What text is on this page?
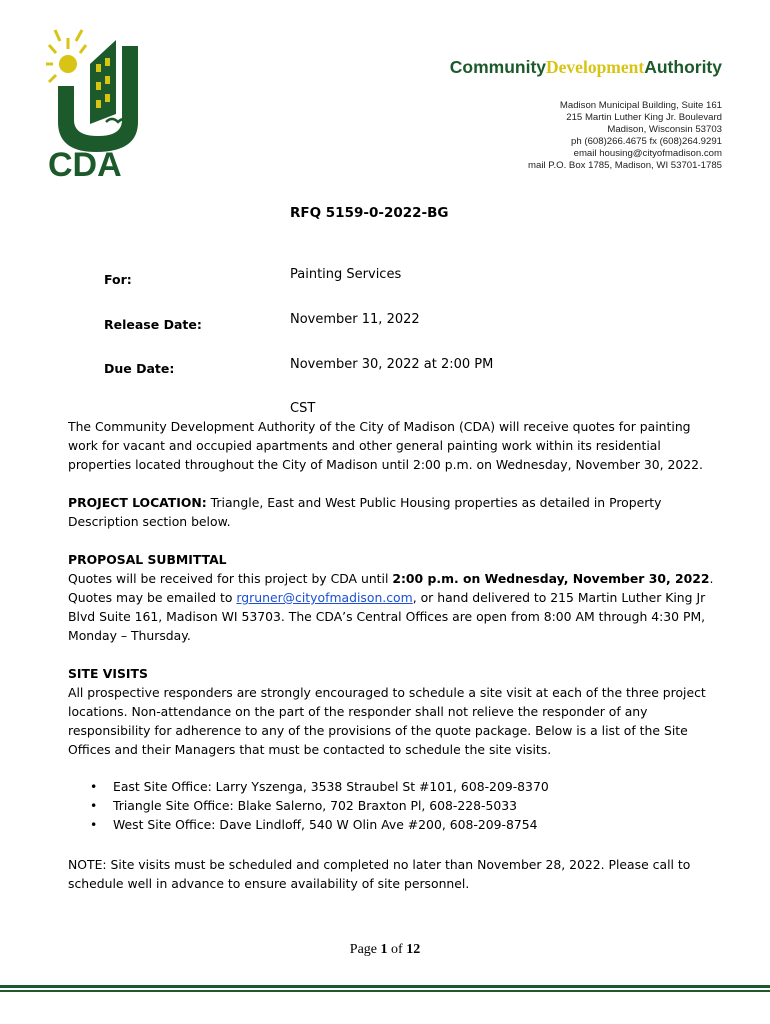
CDA
CommunityDevelopmentAuthority
Madison Municipal Building, Suite 161
215 Martin Luther King Jr. Boulevard
Madison, Wisconsin 53703
ph (608)266.4675 fx (608)264.9291
email housing@cityofmadison.com
mail P.O. Box 1785, Madison, WI 53701-1785
RFQ 5159-0-2022-BG
For:	Painting Services
Release Date:	November 11, 2022
Due Date:	November 30, 2022 at 2:00 PM
CST
The Community Development Authority of the City of Madison (CDA) will receive quotes for painting work for vacant and occupied apartments and other general painting work within its residential properties located throughout the City of Madison until 2:00 p.m. on Wednesday, November 30, 2022.
PROJECT LOCATION: Triangle, East and West Public Housing properties as detailed in Property Description section below.
PROPOSAL SUBMITTAL
Quotes will be received for this project by CDA until 2:00 p.m. on Wednesday, November 30, 2022. Quotes may be emailed to rgruner@cityofmadison.com, or hand delivered to 215 Martin Luther King Jr Blvd Suite 161, Madison WI 53703. The CDA’s Central Offices are open from 8:00 AM through 4:30 PM, Monday – Thursday.
SITE VISITS
All prospective responders are strongly encouraged to schedule a site visit at each of the three project locations. Non-attendance on the part of the responder shall not relieve the responder of any responsibility for adherence to any of the provisions of the quote package. Below is a list of the Site Offices and their Managers that must be contacted to schedule the site visits.
• East Site Office: Larry Yszenga, 3538 Straubel St #101, 608-209-8370
• Triangle Site Office: Blake Salerno, 702 Braxton Pl, 608-228-5033
• West Site Office: Dave Lindloff, 540 W Olin Ave #200, 608-209-8754
NOTE: Site visits must be scheduled and completed no later than November 28, 2022. Please call to schedule well in advance to ensure availability of site personnel.
Page 1 of 12
